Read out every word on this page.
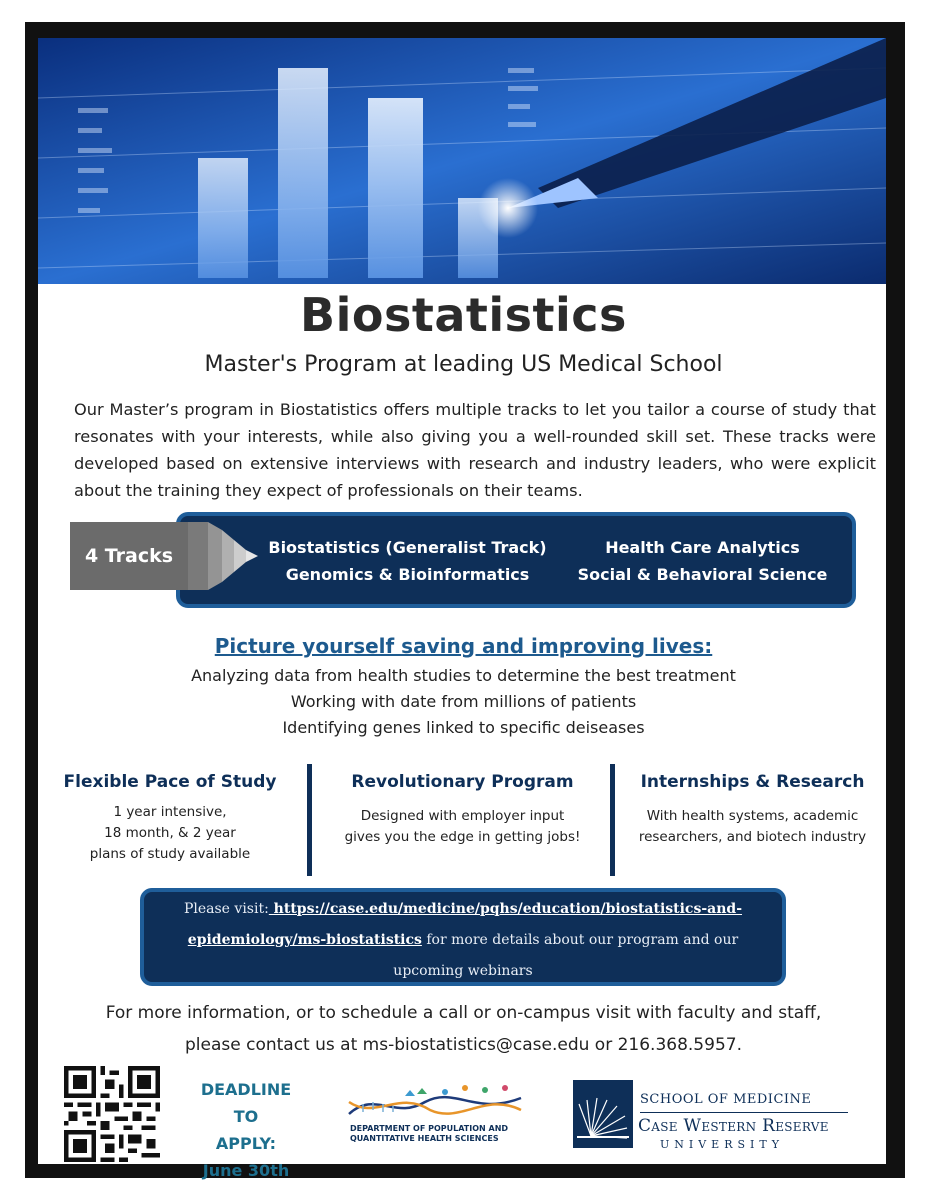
Biostatistics
Master's Program at leading US Medical School
Our Master’s program in Biostatistics offers multiple tracks to let you tailor a course of study that resonates with your interests, while also giving you a well-rounded skill set. These tracks were developed based on extensive interviews with research and industry leaders, who were explicit about the training they expect of professionals on their teams.
4 Tracks	Biostatistics (Generalist Track)
Genomics & Bioinformatics
Health Care Analytics
Social & Behavioral Science
Picture yourself saving and improving lives:
Analyzing data from health studies to determine the best treatment
Working with date from millions of patients
Identifying genes linked to specific deiseases
Flexible Pace of Study
1 year intensive,
18 month, & 2 year
plans of study available
Revolutionary Program
Designed with employer input
gives you the edge in getting jobs!
Internships & Research
With health systems, academic
researchers, and biotech industry
Please visit: https://case.edu/medicine/pqhs/education/biostatistics-and-
epidemiology/ms-biostatistics for more details about our program and our
upcoming webinars
For more information, or to schedule a call or on-campus visit with faculty and staff,
please contact us at ms-biostatistics@case.edu or 216.368.5957.
DEADLINE TO
APPLY:
June 30th
DEPARTMENT OF POPULATION AND
QUANTITATIVE HEALTH SCIENCES
SCHOOL OF MEDICINE
Case Western Reserve
UNIVERSITY
